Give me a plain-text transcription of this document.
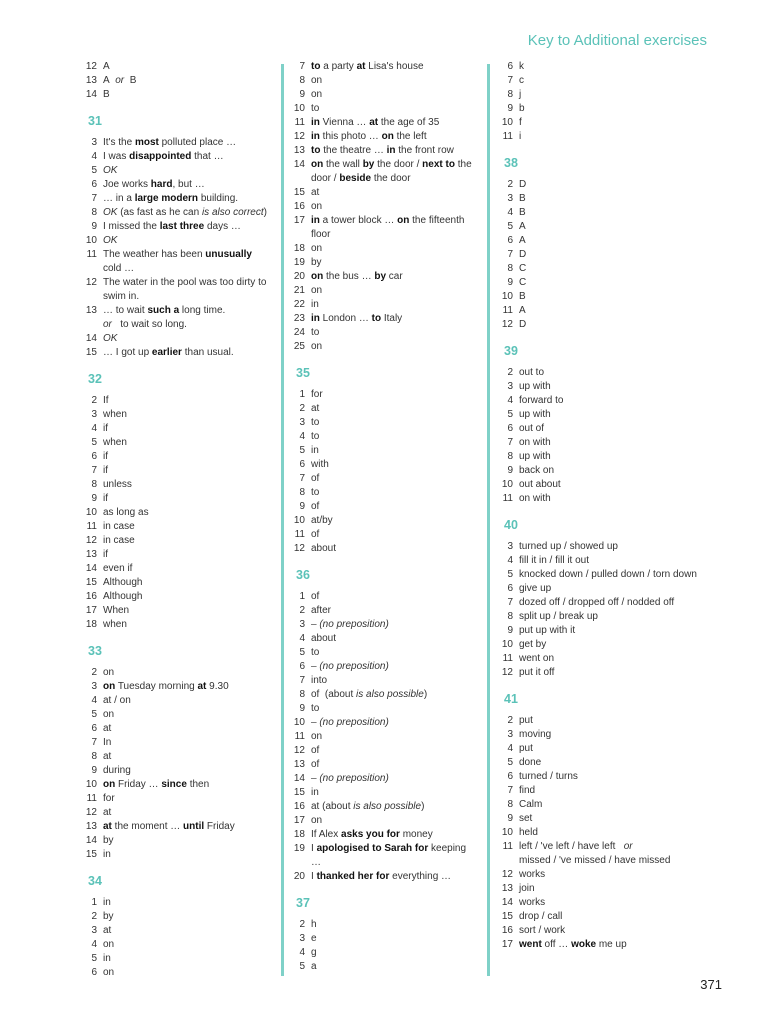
Key to Additional exercises
12 A
13 A  or  B
14 B
31
3 It's the most polluted place …
4 I was disappointed that …
5 OK
6 Joe works hard, but …
7 … in a large modern building.
8 OK (as fast as he can is also correct)
9 I missed the last three days …
10 OK
11 The weather has been unusually cold …
12 The water in the pool was too dirty to swim in.
13 … to wait such a long time.
or   to wait so long.
14 OK
15 … I got up earlier than usual.
32
2 If
3 when
4 if
5 when
6 if
7 if
8 unless
9 if
10 as long as
11 in case
12 in case
13 if
14 even if
15 Although
16 Although
17 When
18 when
33
2 on
3 on Tuesday morning at 9.30
4 at / on
5 on
6 at
7 In
8 at
9 during
10 on Friday … since then
11 for
12 at
13 at the moment … until Friday
14 by
15 in
34
1 in
2 by
3 at
4 on
5 in
6 on
7 to a party at Lisa's house
8 on
9 on
10 to
11 in Vienna … at the age of 35
12 in this photo … on the left
13 to the theatre … in the front row
14 on the wall by the door / next to the door / beside the door
15 at
16 on
17 in a tower block … on the fifteenth floor
18 on
19 by
20 on the bus … by car
21 on
22 in
23 in London … to Italy
24 to
25 on
35
1 for
2 at
3 to
4 to
5 in
6 with
7 of
8 to
9 of
10 at/by
11 of
12 about
36
1 of
2 after
3 – (no preposition)
4 about
5 to
6 – (no preposition)
7 into
8 of  (about is also possible)
9 to
10 – (no preposition)
11 on
12 of
13 of
14 – (no preposition)
15 in
16 at (about is also possible)
17 on
18 If Alex asks you for money
19 I apologised to Sarah for keeping …
20 I thanked her for everything …
37
2 h
3 e
4 g
5 a
6 k
7 c
8 j
9 b
10 f
11 i
38
2 D
3 B
4 B
5 A
6 A
7 D
8 C
9 C
10 B
11 A
12 D
39
2 out to
3 up with
4 forward to
5 up with
6 out of
7 on with
8 up with
9 back on
10 out about
11 on with
40
3 turned up / showed up
4 fill it in / fill it out
5 knocked down / pulled down / torn down
6 give up
7 dozed off / dropped off / nodded off
8 split up / break up
9 put up with it
10 get by
11 went on
12 put it off
41
2 put
3 moving
4 put
5 done
6 turned / turns
7 find
8 Calm
9 set
10 held
11 left / 've left / have left   or
missed / 've missed / have missed
12 works
13 join
14 works
15 drop / call
16 sort / work
17 went off … woke me up
371
